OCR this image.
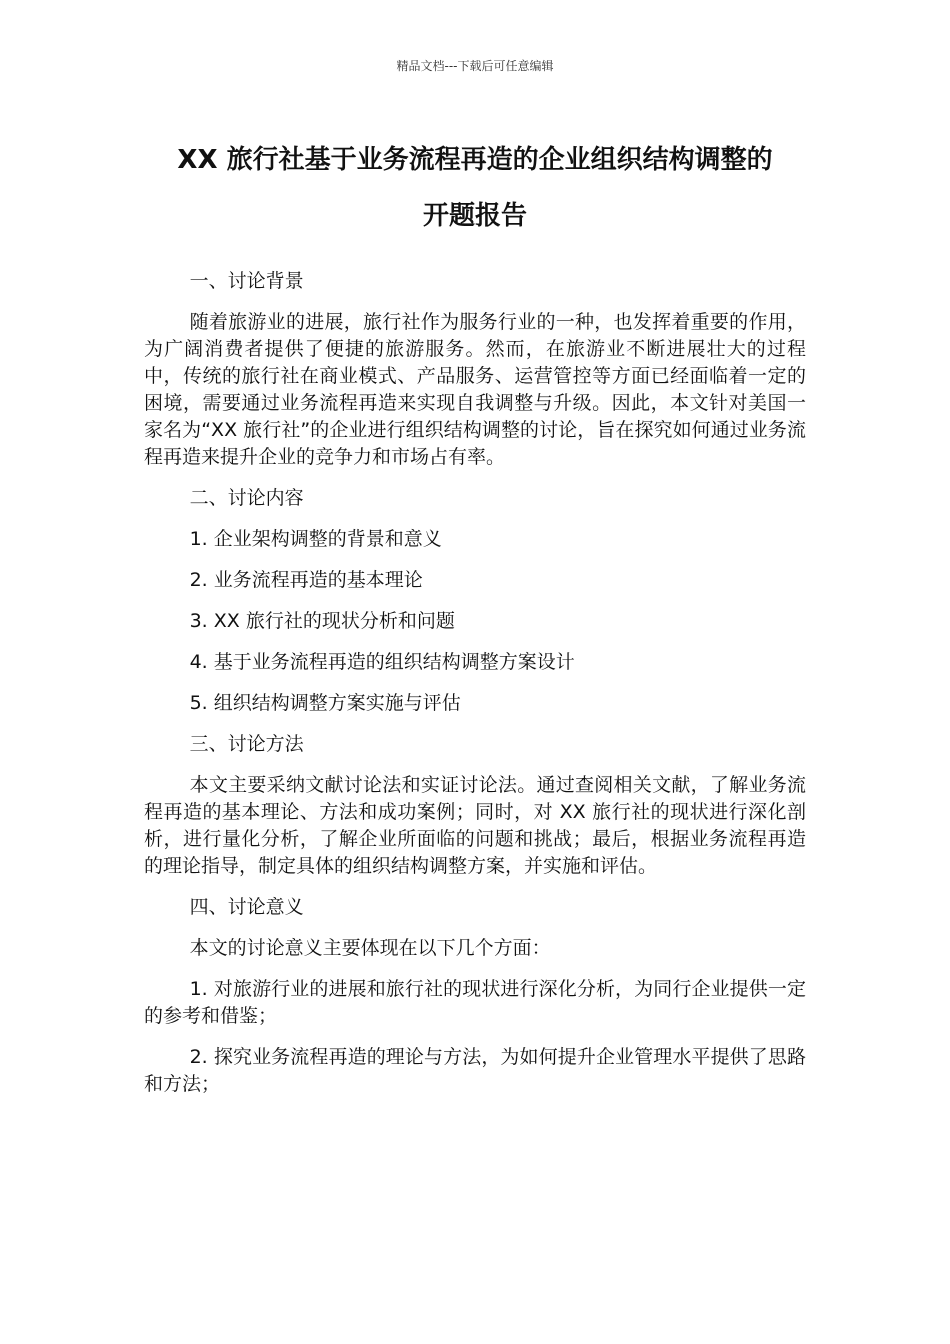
精品文档---下载后可任意编辑
XX 旅行社基于业务流程再造的企业组织结构调整的
开题报告

一、讨论背景

随着旅游业的进展，旅行社作为服务行业的一种，也发挥着重要的作用，为广阔消费者提供了便捷的旅游服务。然而，在旅游业不断进展壮大的过程中，传统的旅行社在商业模式、产品服务、运营管控等方面已经面临着一定的困境，需要通过业务流程再造来实现自我调整与升级。因此，本文针对美国一家名为“XX 旅行社”的企业进行组织结构调整的讨论，旨在探究如何通过业务流程再造来提升企业的竞争力和市场占有率。

二、讨论内容

1. 企业架构调整的背景和意义

2. 业务流程再造的基本理论

3. XX 旅行社的现状分析和问题

4. 基于业务流程再造的组织结构调整方案设计

5. 组织结构调整方案实施与评估

三、讨论方法

本文主要采纳文献讨论法和实证讨论法。通过查阅相关文献，了解业务流程再造的基本理论、方法和成功案例；同时，对 XX 旅行社的现状进行深化剖析，进行量化分析，了解企业所面临的问题和挑战；最后，根据业务流程再造的理论指导，制定具体的组织结构调整方案，并实施和评估。

四、讨论意义

本文的讨论意义主要体现在以下几个方面：

1. 对旅游行业的进展和旅行社的现状进行深化分析，为同行企业提供一定的参考和借鉴；

2. 探究业务流程再造的理论与方法，为如何提升企业管理水平提供了思路和方法；
